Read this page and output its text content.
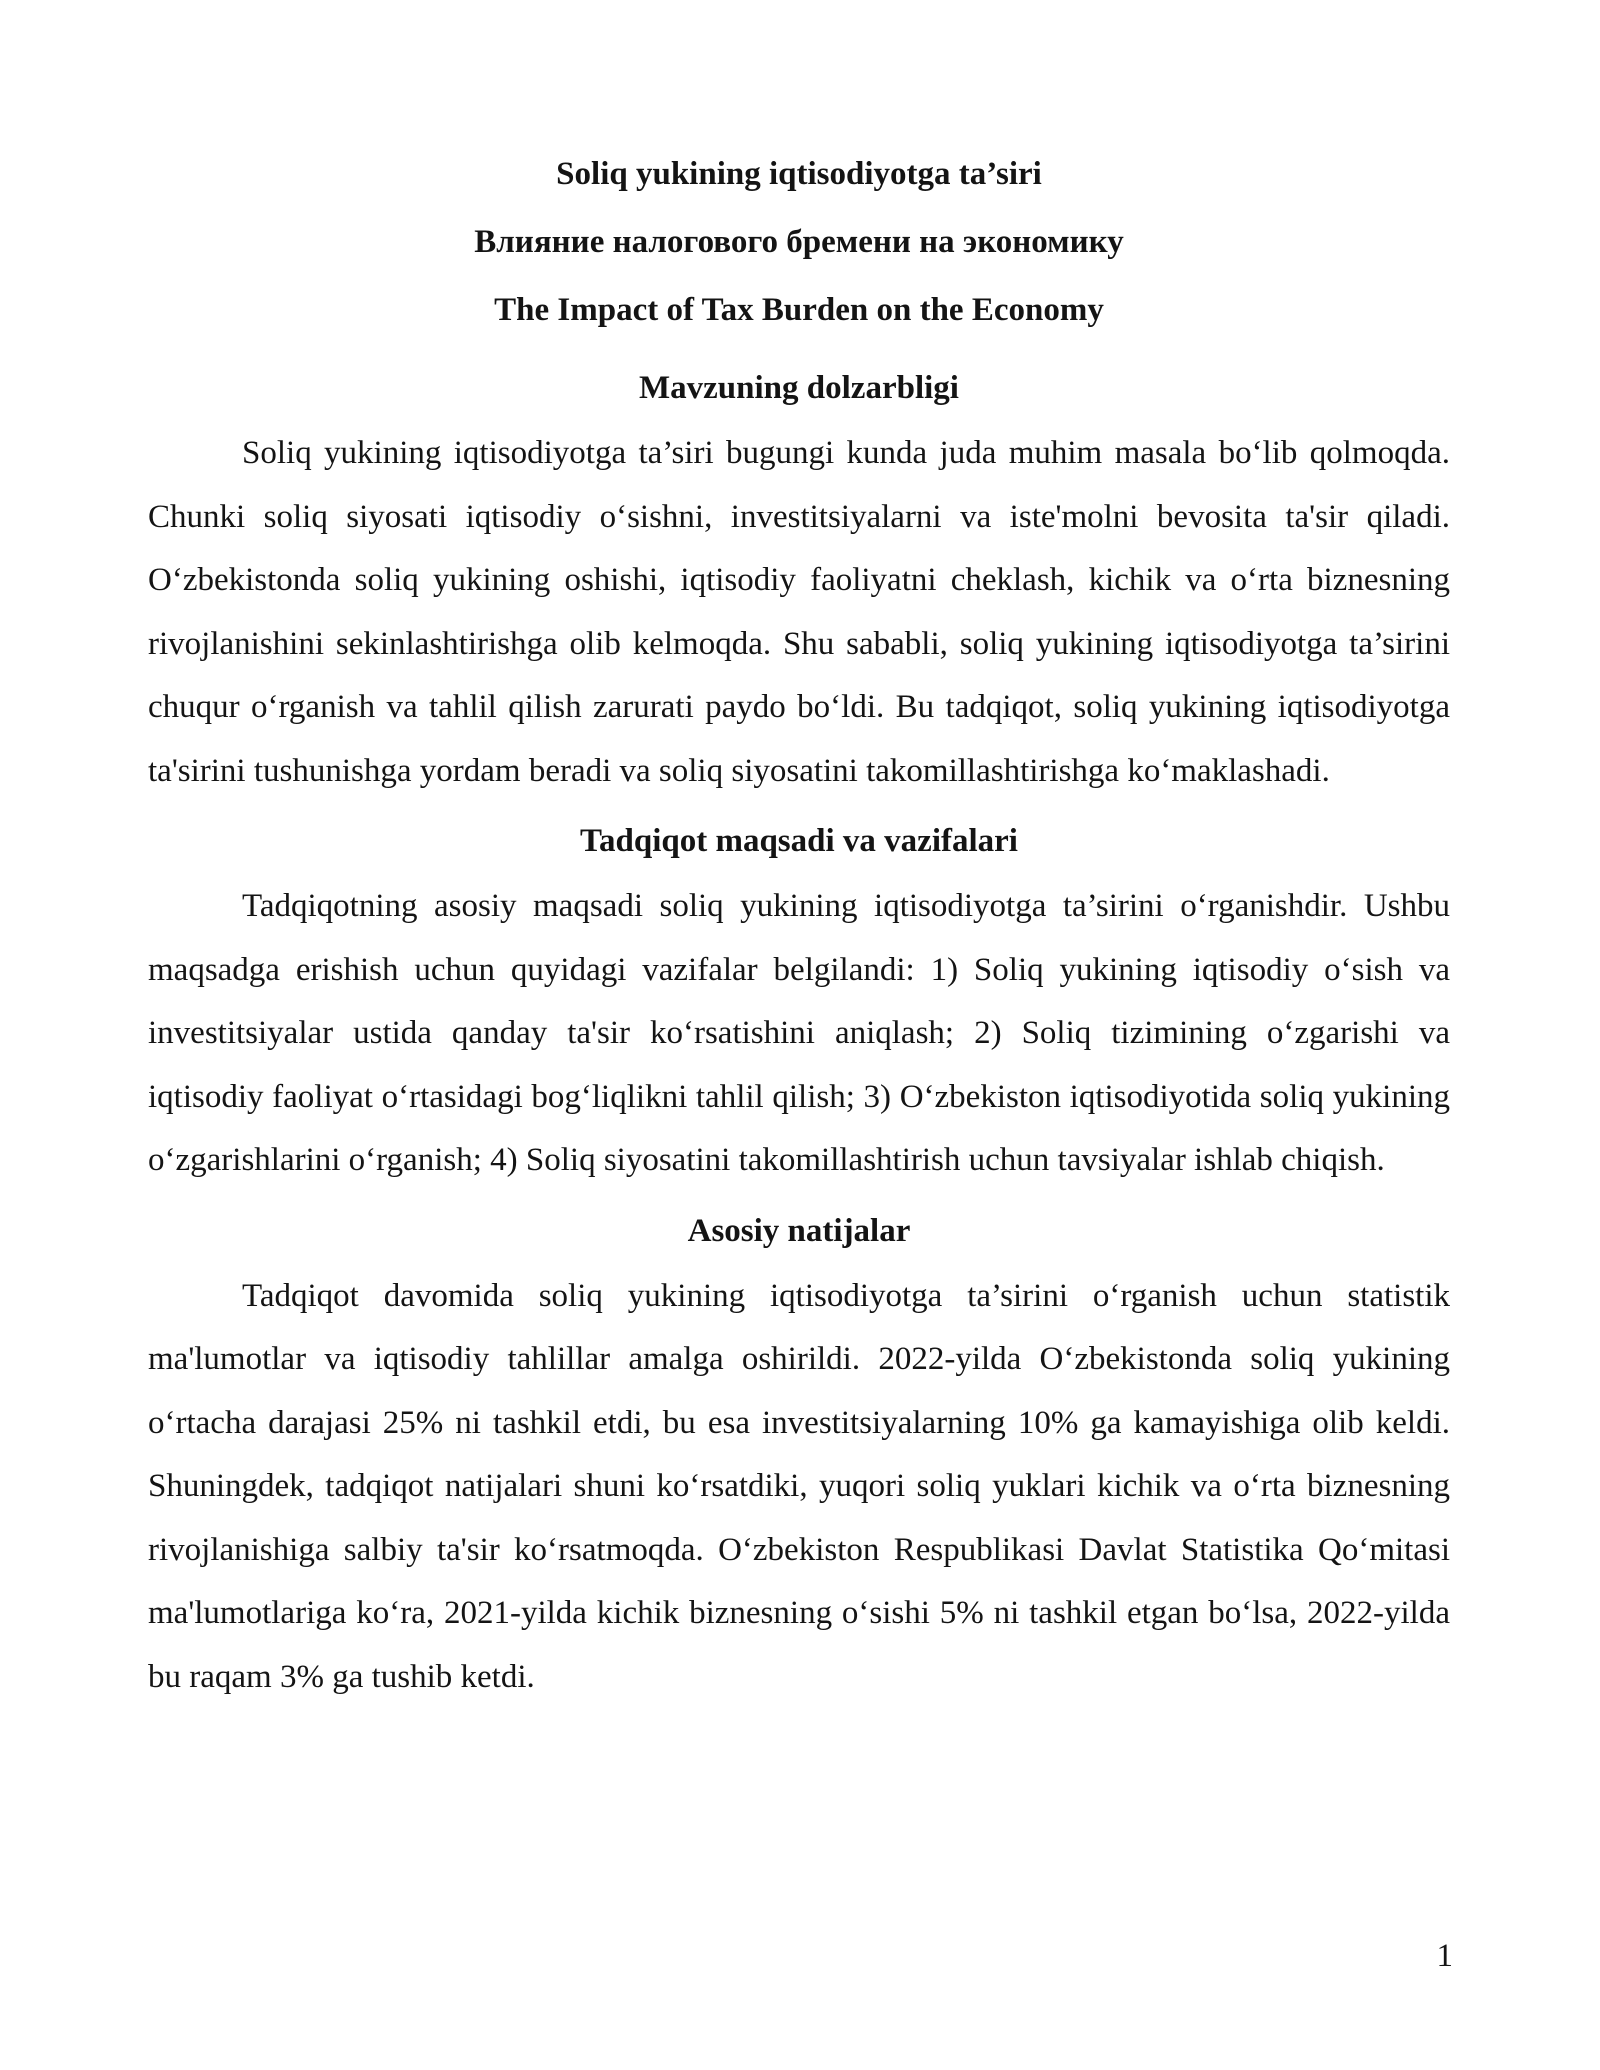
Soliq yukining iqtisodiyotga ta’siri

Влияние налогового бремени на экономику

The Impact of Tax Burden on the Economy

Mavzuning dolzarbligi

Soliq yukining iqtisodiyotga ta’siri bugungi kunda juda muhim masala bo‘lib qolmoqda. Chunki soliq siyosati iqtisodiy o‘sishni, investitsiyalarni va iste'molni bevosita ta'sir qiladi. O‘zbekistonda soliq yukining oshishi, iqtisodiy faoliyatni cheklash, kichik va o‘rta biznesning rivojlanishini sekinlashtirishga olib kelmoqda. Shu sababli, soliq yukining iqtisodiyotga ta’sirini chuqur o‘rganish va tahlil qilish zarurati paydo bo‘ldi. Bu tadqiqot, soliq yukining iqtisodiyotga ta'sirini tushunishga yordam beradi va soliq siyosatini takomillashtirishga ko‘maklashadi.

Tadqiqot maqsadi va vazifalari

Tadqiqotning asosiy maqsadi soliq yukining iqtisodiyotga ta’sirini o‘rganishdir. Ushbu maqsadga erishish uchun quyidagi vazifalar belgilandi: 1) Soliq yukining iqtisodiy o‘sish va investitsiyalar ustida qanday ta'sir ko‘rsatishini aniqlash; 2) Soliq tizimining o‘zgarishi va iqtisodiy faoliyat o‘rtasidagi bog‘liqlikni tahlil qilish; 3) O‘zbekiston iqtisodiyotida soliq yukining o‘zgarishlarini o‘rganish; 4) Soliq siyosatini takomillashtirish uchun tavsiyalar ishlab chiqish.

Asosiy natijalar

Tadqiqot davomida soliq yukining iqtisodiyotga ta’sirini o‘rganish uchun statistik ma'lumotlar va iqtisodiy tahlillar amalga oshirildi. 2022-yilda O‘zbekistonda soliq yukining o‘rtacha darajasi 25% ni tashkil etdi, bu esa investitsiyalarning 10% ga kamayishiga olib keldi. Shuningdek, tadqiqot natijalari shuni ko‘rsatdiki, yuqori soliq yuklari kichik va o‘rta biznesning rivojlanishiga salbiy ta'sir ko‘rsatmoqda. O‘zbekiston Respublikasi Davlat Statistika Qo‘mitasi ma'lumotlariga ko‘ra, 2021-yilda kichik biznesning o‘sishi 5% ni tashkil etgan bo‘lsa, 2022-yilda bu raqam 3% ga tushib ketdi.

1
